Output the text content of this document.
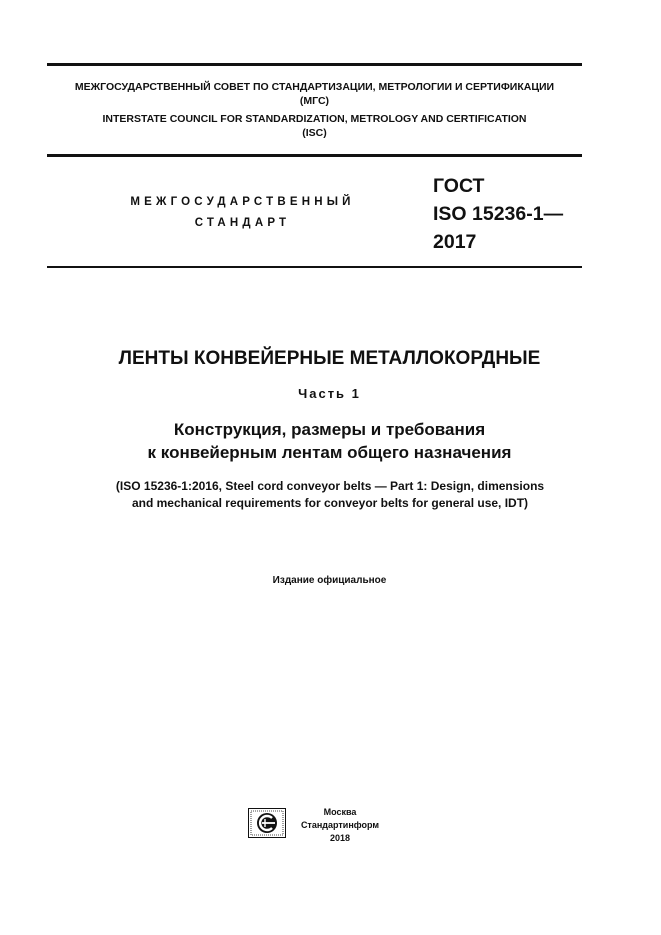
МЕЖГОСУДАРСТВЕННЫЙ СОВЕТ ПО СТАНДАРТИЗАЦИИ, МЕТРОЛОГИИ И СЕРТИФИКАЦИИ
(МГС)
INTERSTATE COUNCIL FOR STANDARDIZATION, METROLOGY AND CERTIFICATION
(ISC)
МЕЖГОСУДАРСТВЕННЫЙ
СТАНДАРТ
ГОСТ
ISO 15236-1—
2017
ЛЕНТЫ КОНВЕЙЕРНЫЕ МЕТАЛЛОКОРДНЫЕ
Часть 1
Конструкция, размеры и требования
к конвейерным лентам общего назначения
(ISO 15236-1:2016, Steel cord conveyor belts — Part 1: Design, dimensions
and mechanical requirements for conveyor belts for general use, IDT)
Издание официальное
Москва
Стандартинформ
2018
